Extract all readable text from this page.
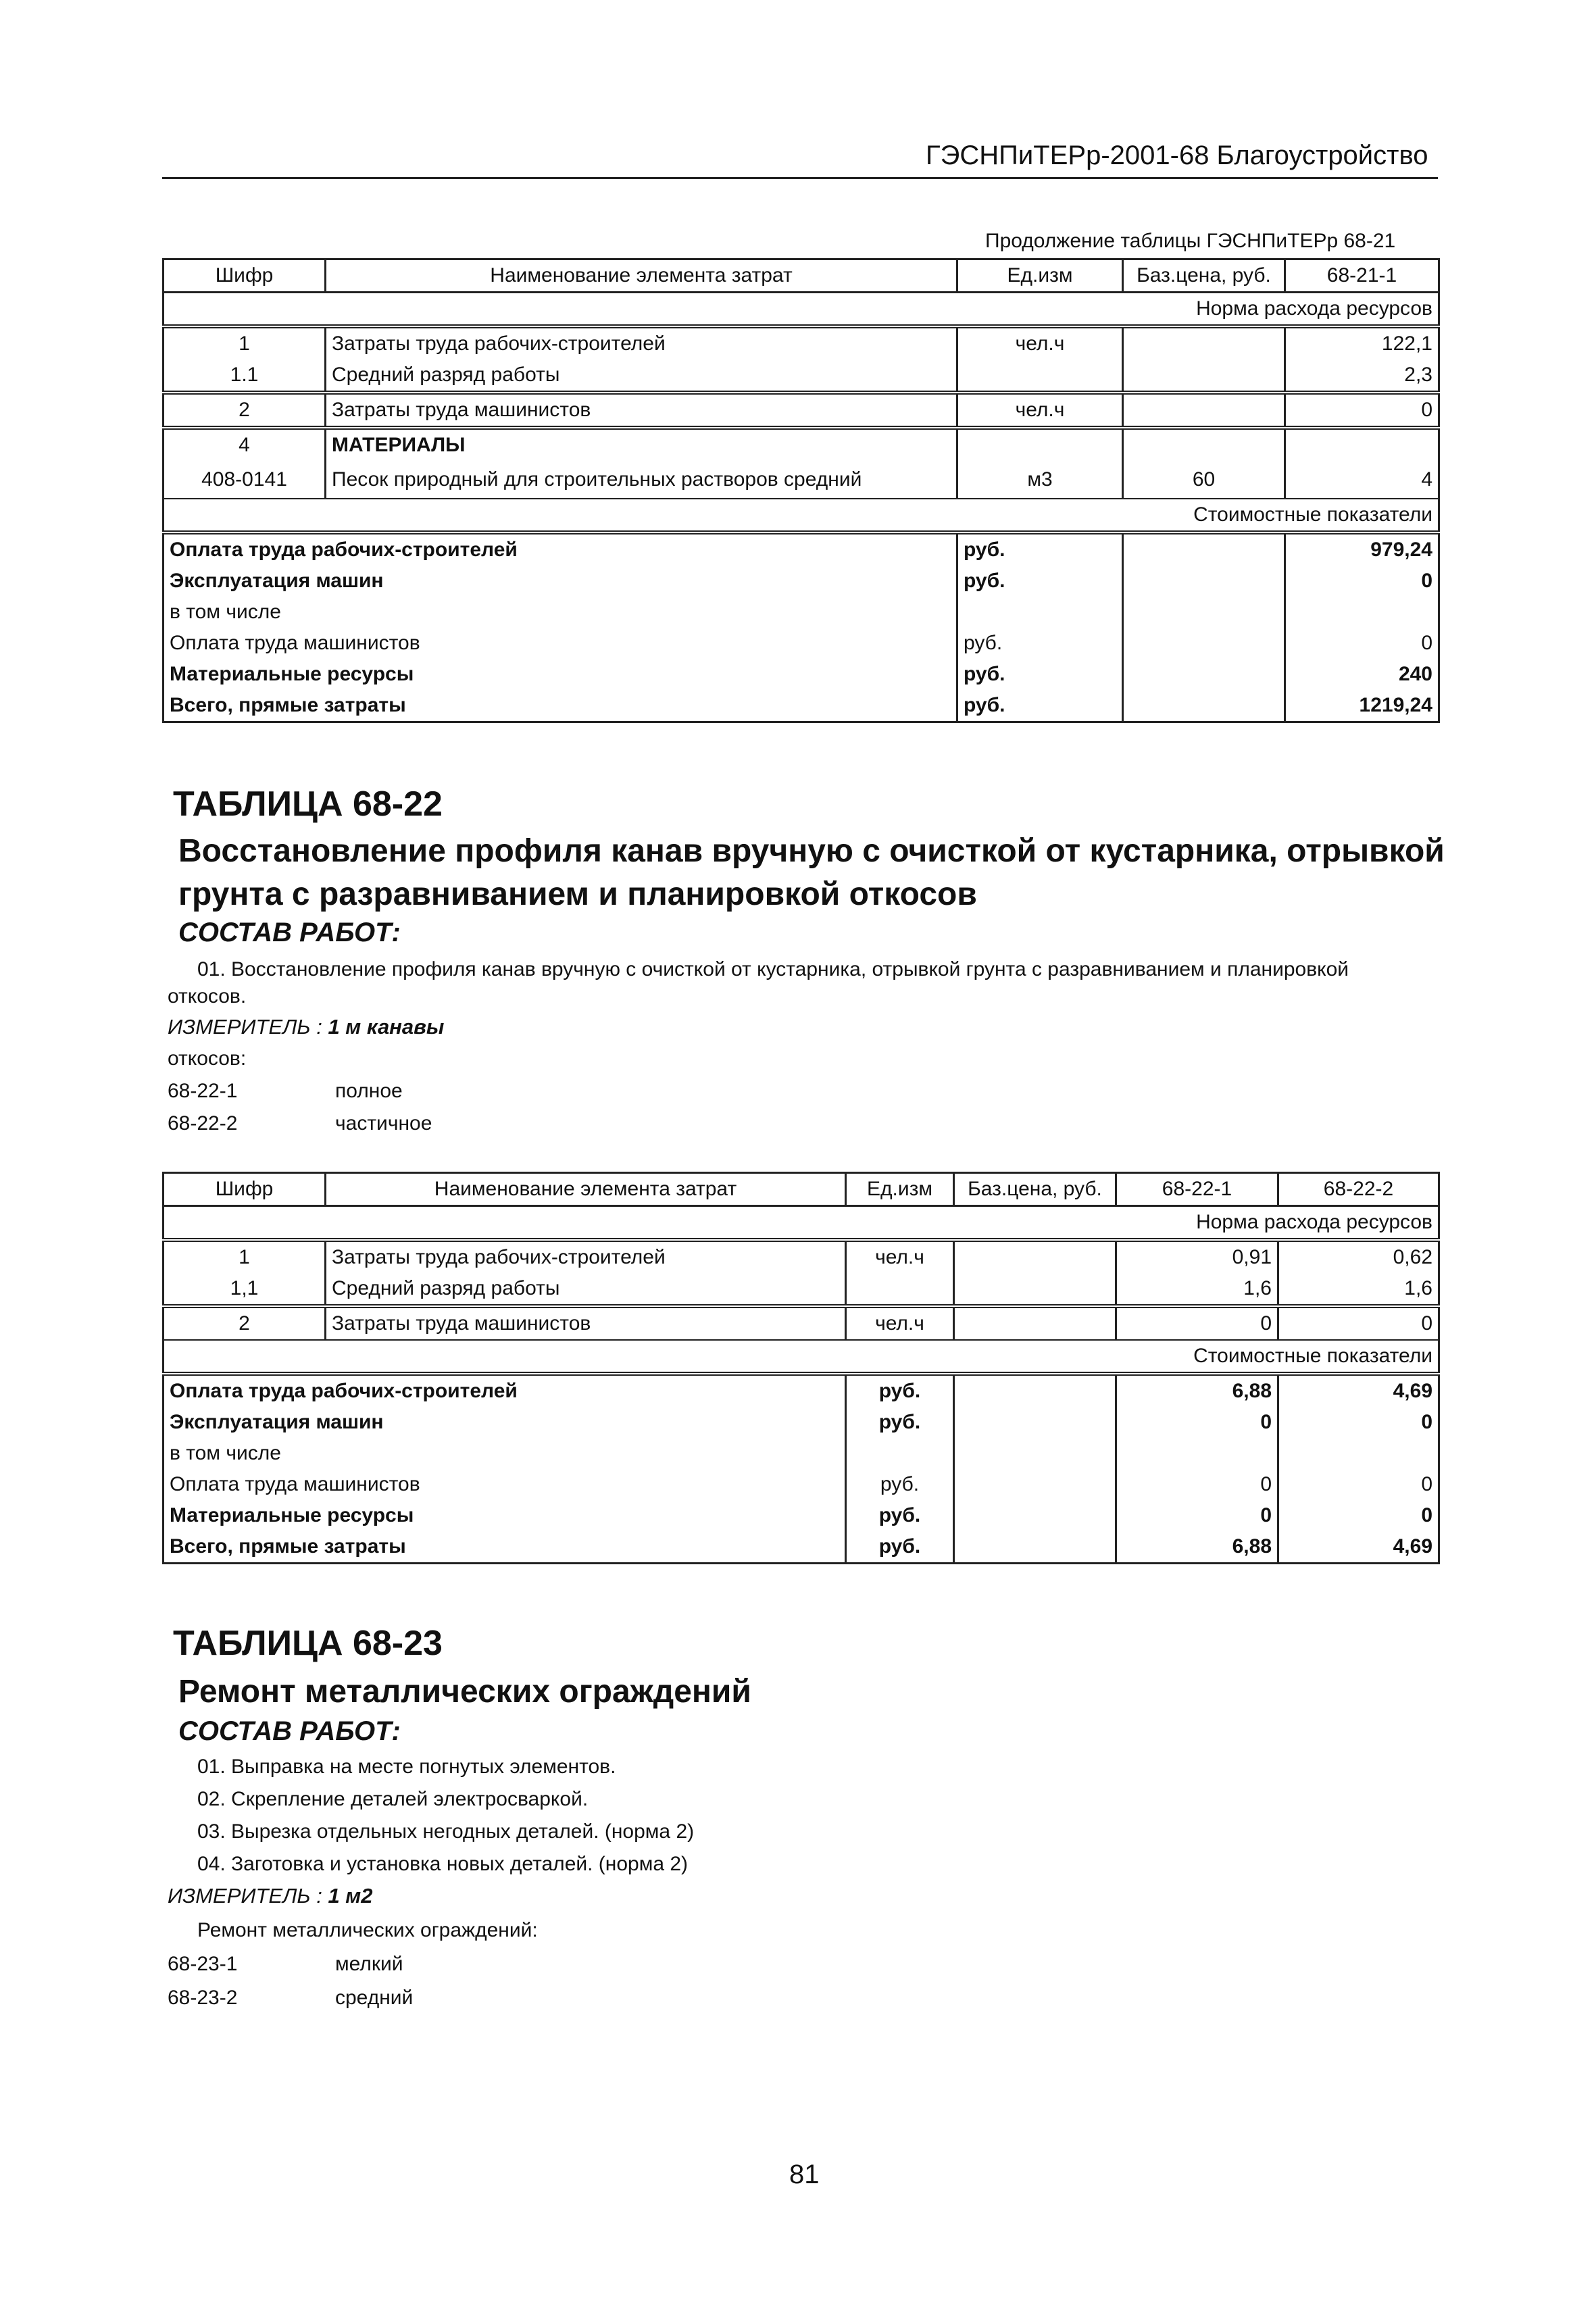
ГЭСНПиТЕРр-2001-68 Благоустройство
Продолжение таблицы ГЭСНПиТЕРр 68-21
Шифр	Наименование элемента затрат	Ед.изм	Баз.цена, руб.	68-21-1
	Норма расхода ресурсов			
1	Затраты труда рабочих-строителей	чел.ч		122,1
1.1	Средний разряд работы			2,3
2	Затраты труда машинистов	чел.ч		0
4	МАТЕРИАЛЫ			
408-0141	Песок природный для строительных растворов средний	м3	60	4
Стоимостные показатели				
Оплата труда рабочих-строителей		руб.		979,24
Эксплуатация машин		руб.		0
в том числе				
Оплата труда машинистов		руб.		0
Материальные ресурсы		руб.		240
Всего, прямые затраты		руб.		1219,24
ТАБЛИЦА 68-22
Восстановление профиля канав вручную с очисткой от кустарника, отрывкой
грунта с разравниванием и планировкой откосов
СОСТАВ РАБОТ:
01. Восстановление профиля канав вручную с очисткой от кустарника, отрывкой грунта с разравниванием и планировкой
откосов.
ИЗМЕРИТЕЛЬ : 1 м канавы
откосов:
68-22-1	полное
68-22-2	частичное
Шифр	Наименование элемента затрат	Ед.изм	Баз.цена, руб.	68-22-1	68-22-2
	Норма расхода ресурсов				
1	Затраты труда рабочих-строителей	чел.ч		0,91	0,62
1,1	Средний разряд работы			1,6	1,6
2	Затраты труда машинистов	чел.ч		0	0
Стоимостные показатели					
Оплата труда рабочих-строителей		руб.		6,88	4,69
Эксплуатация машин		руб.		0	0
в том числе					
Оплата труда машинистов		руб.		0	0
Материальные ресурсы		руб.		0	0
Всего, прямые затраты		руб.		6,88	4,69
ТАБЛИЦА 68-23
Ремонт металлических ограждений
СОСТАВ РАБОТ:
01. Выправка на месте погнутых элементов.
02. Скрепление деталей электросваркой.
03. Вырезка отдельных негодных деталей. (норма 2)
04. Заготовка и установка новых деталей. (норма 2)
ИЗМЕРИТЕЛЬ : 1 м2
Ремонт металлических ограждений:
68-23-1	мелкий
68-23-2	средний
81
